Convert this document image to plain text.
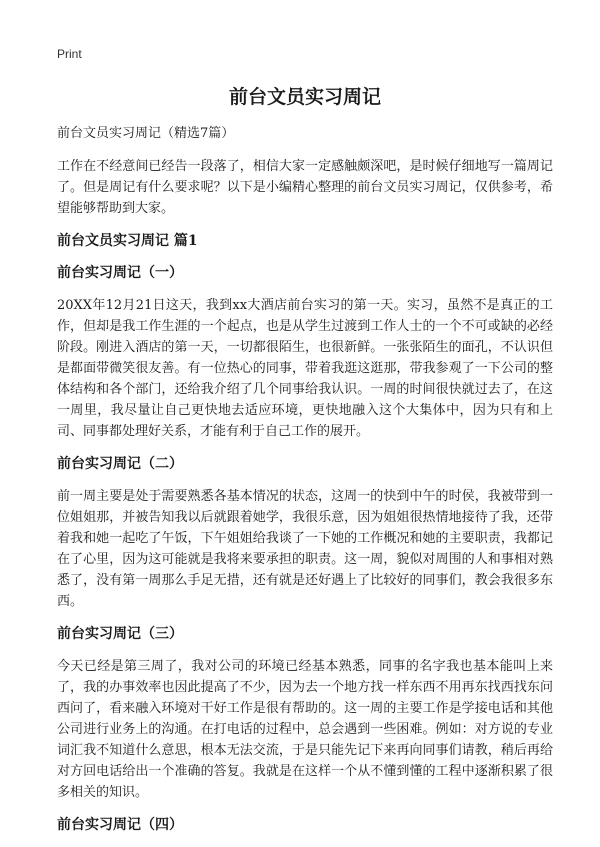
Print
前台文员实习周记
前台文员实习周记（精选7篇）

工作在不经意间已经告一段落了，相信大家一定感触颇深吧，是时候仔细地写一篇周记了。但是周记有什么要求呢？以下是小编精心整理的前台文员实习周记，仅供参考，希望能够帮助到大家。

前台文员实习周记 篇1
前台实习周记（一）

20XX年12月21日这天，我到xx大酒店前台实习的第一天。实习，虽然不是真正的工作，但却是我工作生涯的一个起点，也是从学生过渡到工作人士的一个不可或缺的必经阶段。刚进入酒店的第一天，一切都很陌生，也很新鲜。一张张陌生的面孔，不认识但是都面带微笑很友善。有一位热心的同事，带着我逛这逛那，带我参观了一下公司的整体结构和各个部门，还给我介绍了几个同事给我认识。一周的时间很快就过去了，在这一周里，我尽量让自己更快地去适应环境，更快地融入这个大集体中，因为只有和上司、同事都处理好关系，才能有利于自己工作的展开。

前台实习周记（二）

前一周主要是处于需要熟悉各基本情况的状态，这周一的快到中午的时侯，我被带到一位姐姐那，并被告知我以后就跟着她学，我很乐意，因为姐姐很热情地接待了我，还带着我和她一起吃了午饭，下午姐姐给我谈了一下她的工作概况和她的主要职责，我都记在了心里，因为这可能就是我将来要承担的职责。这一周，貌似对周围的人和事相对熟悉了，没有第一周那么手足无措，还有就是还好遇上了比较好的同事们，教会我很多东西。

前台实习周记（三）

今天已经是第三周了，我对公司的环境已经基本熟悉，同事的名字我也基本能叫上来了，我的办事效率也因此提高了不少，因为去一个地方找一样东西不用再东找西找东问西问了，看来融入环境对干好工作是很有帮助的。这一周的主要工作是学接电话和其他公司进行业务上的沟通。在打电话的过程中，总会遇到一些困难。例如：对方说的专业词汇我不知道什么意思，根本无法交流，于是只能先记下来再向同事们请教，稍后再给对方回电话给出一个准确的答复。我就是在这样一个从不懂到懂的工程中逐渐积累了很多相关的知识。

前台实习周记（四）
